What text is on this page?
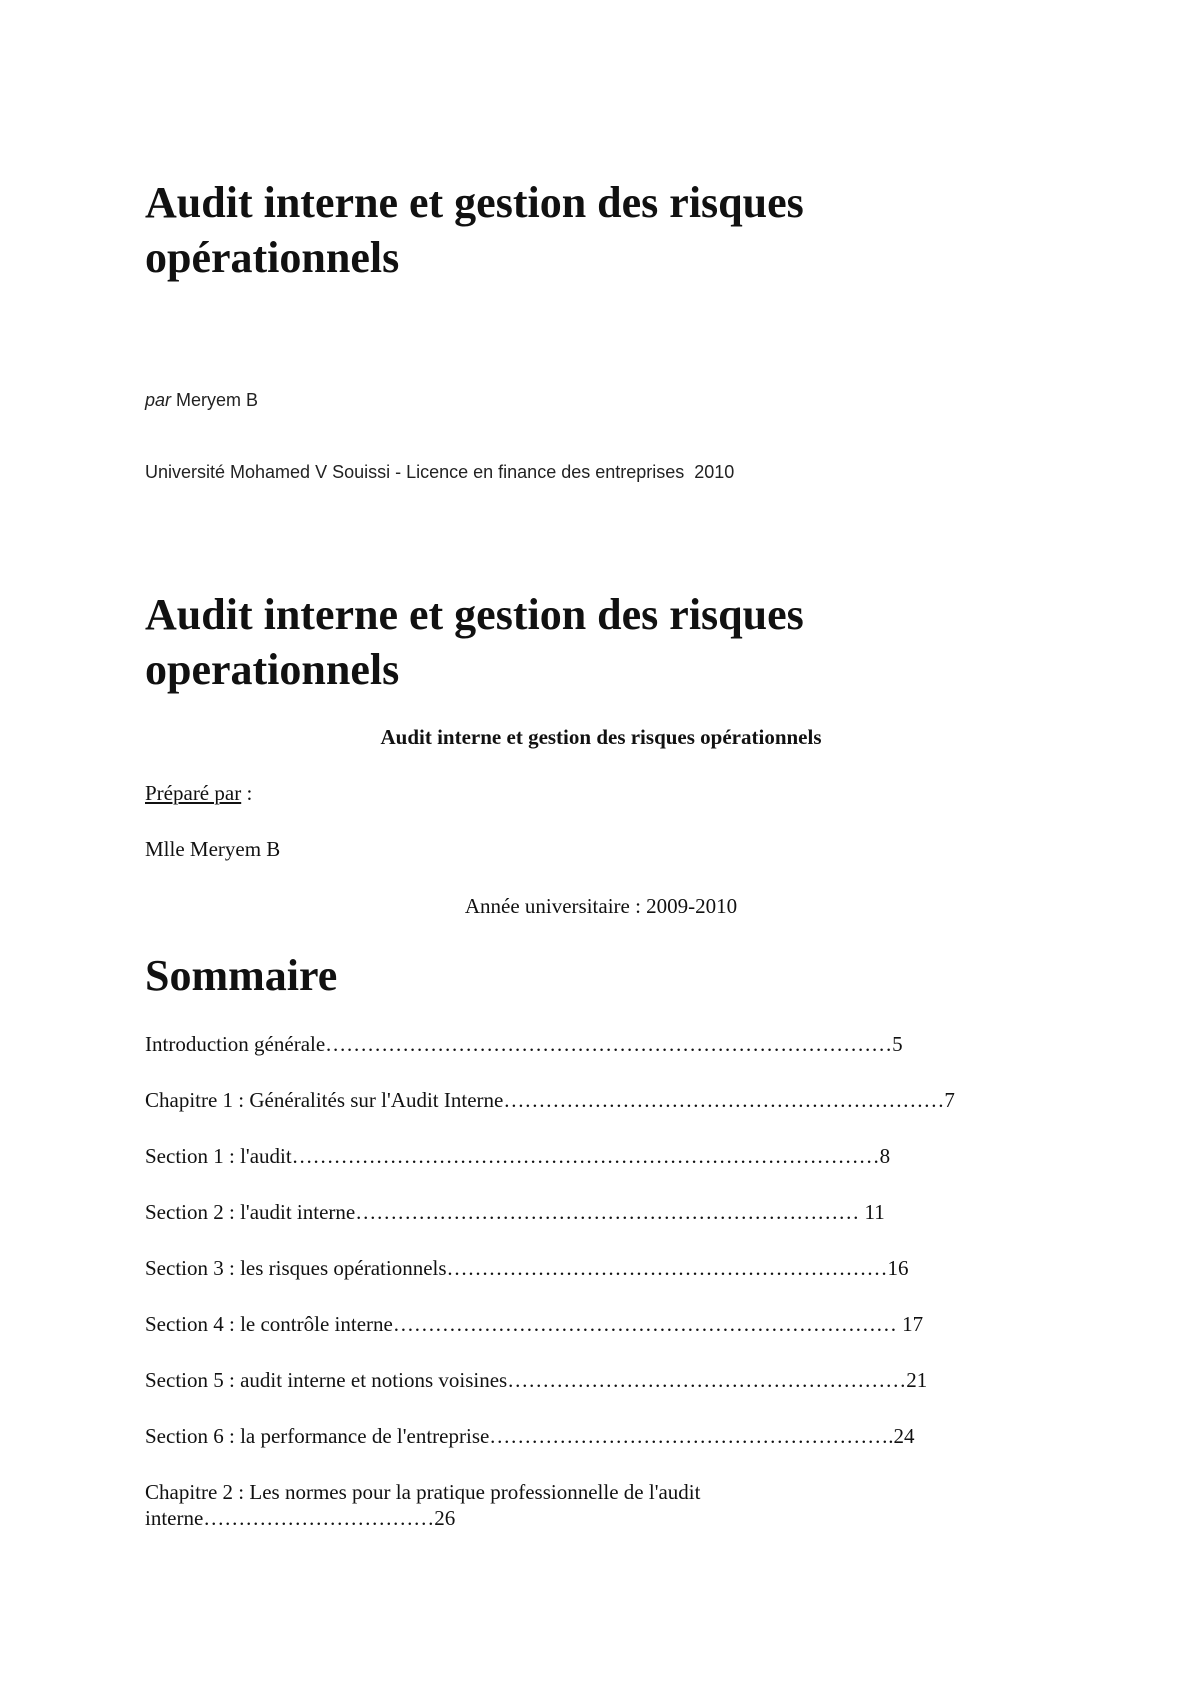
Audit interne et gestion des risques opérationnels

par Meryem B

Université Mohamed V Souissi - Licence en finance des entreprises  2010

Audit interne et gestion des risques operationnels
Audit interne et gestion des risques opérationnels
Préparé par :
Mlle Meryem B
Année universitaire : 2009-2010
Sommaire
Introduction générale………………………………………………………………………5
Chapitre 1 : Généralités sur l'Audit Interne………………………………………………………7
Section 1 : l'audit…………………………………………………………………………8
Section 2 : l'audit interne……………………………………………………………… 11
Section 3 : les risques opérationnels………………………………………………………16
Section 4 : le contrôle interne……………………………………………………………… 17
Section 5 : audit interne et notions voisines…………………………………………………21
Section 6 : la performance de l'entreprise………………………………………………….24
Chapitre 2 : Les normes pour la pratique professionnelle de l'audit interne……………………………26
